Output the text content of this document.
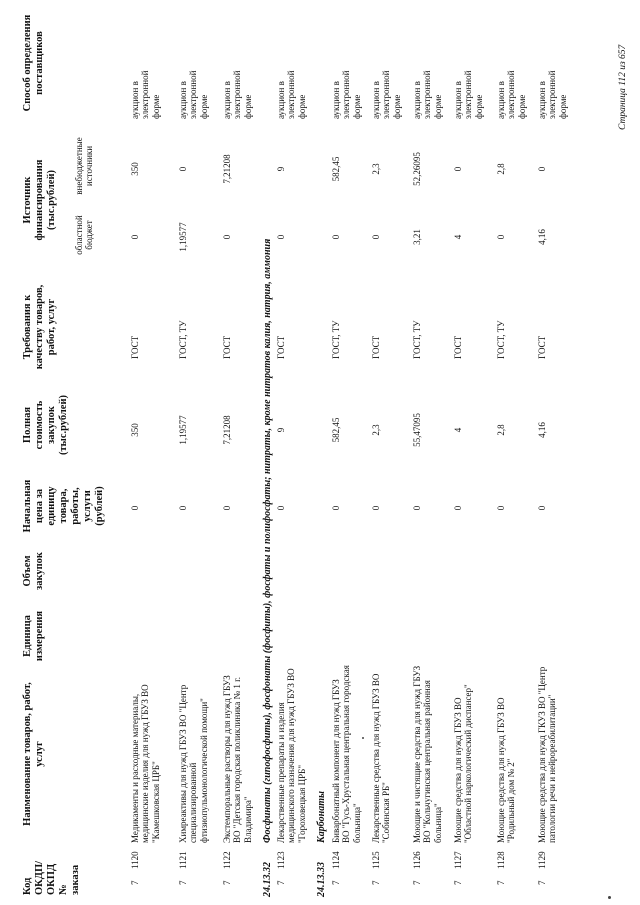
Код ОКДП/ ОКПД № заказа
Наименование товаров, работ, услуг
Единица измерения
Объем закупок
Начальная цена за единицу товара, работы, услуги (рублей)
Полная стоимость закупок (тыс.рублей)
Требования к качеству товаров, работ, услуг
Источник финансирования (тыс.рублей)
областной бюджет
внебюджетные источники
Способ определения поставщиков
7
1120
Медикаменты и расходные материалы, медицинские изделия для нужд ГБУЗ ВО "Камешковская ЦРБ"
0
350
ГОСТ
0
350
аукцион в электронной форме
7
1121
Химреактивы для нужд ГБУЗ ВО "Центр специализированной фтизиопульмонологической помощи"
0
1,19577
ГОСТ, ТУ
1,19577
0
аукцион в электронной форме
7
1122
Экстемпоральные растворы для нужд ГБУЗ ВО "Детская городская поликлиника № 1 г. Владимира"
0
7,21208
ГОСТ
0
7,21208
аукцион в электронной форме
24.13.32
Фосфинаты (гипофосфиты), фосфонаты (фосфиты), фосфаты и полифосфаты; нитраты, кроме нитратов калия, натрия, аммония
7
1123
Лекарственные препараты и изделия медицинского назначения для нужд ГБУЗ ВО "Гороховецкая ЦРБ"
0
9
ГОСТ
0
9
аукцион в электронной форме
24.13.33
Карбонаты
7
1124
Биварбонатный компонент для нужд ГБУЗ ВО "Гусь-Хрустальная центральная городская больница"
0
582,45
ГОСТ, ТУ
0
582,45
аукцион в электронной форме
7
1125
Лекарственные средства для нужд ГБУЗ ВО "Собинская РБ"
0
2,3
ГОСТ
0
2,3
аукцион в электронной форме
7
1126
Моющие и чистящие средства для нужд ГБУЗ ВО "Кольчугинская центральная районная больница"
0
55,47095
ГОСТ, ТУ
3,21
52,26095
аукцион в электронной форме
7
1127
Моющие средства для нужд ГБУЗ ВО "Областной наркологический диспансер"
0
4
ГОСТ
4
0
аукцион в электронной форме
7
1128
Моющие средства для нужд ГБУЗ ВО "Родильный дом № 2"
0
2,8
ГОСТ, ТУ
0
2,8
аукцион в электронной форме
7
1129
Моющие средства для нужд ГКУЗ ВО "Центр патологии речи и нейрореабилитации"
0
4,16
ГОСТ
4,16
0
аукцион в электронной форме	Страница 112 из 657
